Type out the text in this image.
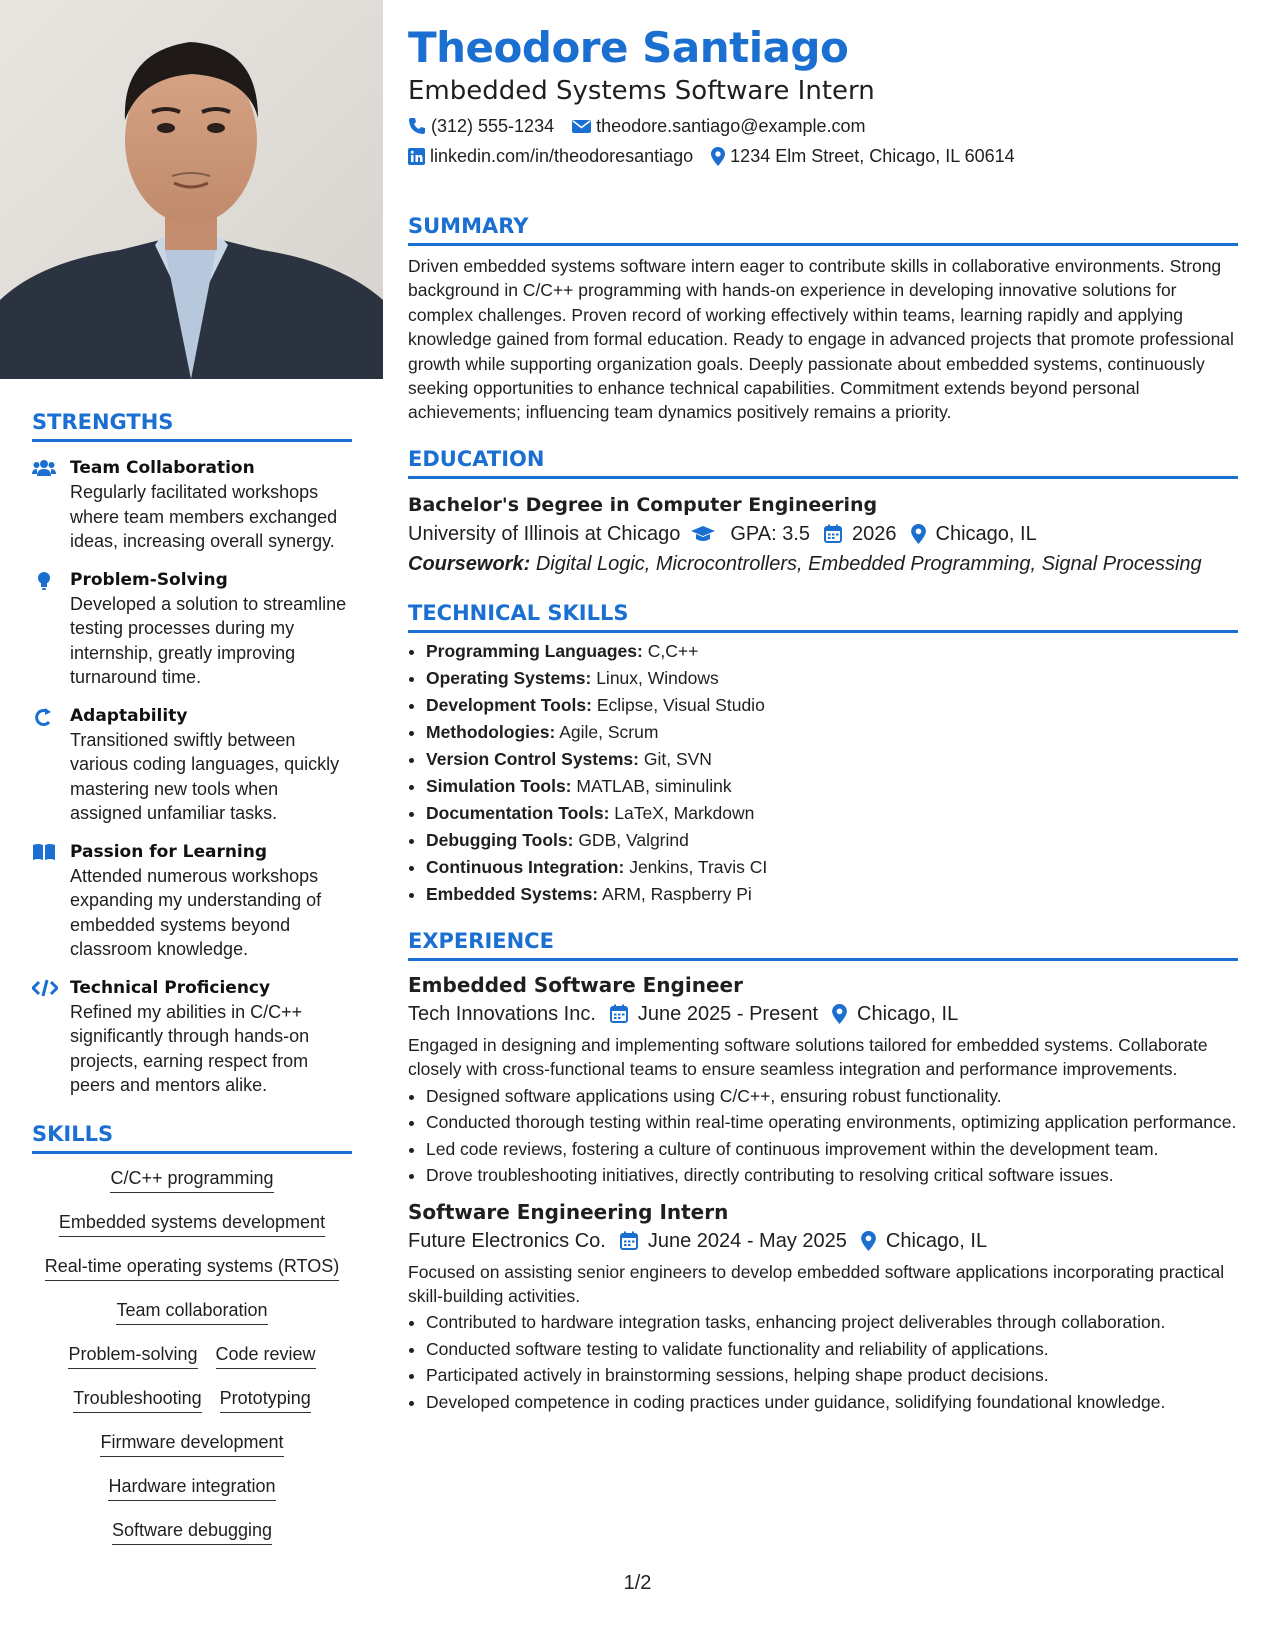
STRENGTHS
Team Collaboration
Regularly facilitated workshops where team members exchanged ideas, increasing overall synergy.
Problem-Solving
Developed a solution to streamline testing processes during my internship, greatly improving turnaround time.
Adaptability
Transitioned swiftly between various coding languages, quickly mastering new tools when assigned unfamiliar tasks.
Passion for Learning
Attended numerous workshops expanding my understanding of embedded systems beyond classroom knowledge.
Technical Proficiency
Refined my abilities in C/C++ significantly through hands-on projects, earning respect from peers and mentors alike.
SKILLS
C/C++ programming
Embedded systems development
Real-time operating systems (RTOS)
Team collaboration
Problem-solving Code review
Troubleshooting Prototyping
Firmware development
Hardware integration
Software debugging
Theodore Santiago
Embedded Systems Software Intern
(312) 555-1234 theodore.santiago@example.com
linkedin.com/in/theodoresantiago 1234 Elm Street, Chicago, IL 60614
SUMMARY
Driven embedded systems software intern eager to contribute skills in collaborative environments. Strong background in C/C++ programming with hands-on experience in developing innovative solutions for complex challenges. Proven record of working effectively within teams, learning rapidly and applying knowledge gained from formal education. Ready to engage in advanced projects that promote professional growth while supporting organization goals. Deeply passionate about embedded systems, continuously seeking opportunities to enhance technical capabilities. Commitment extends beyond personal achievements; influencing team dynamics positively remains a priority.
EDUCATION
Bachelor's Degree in Computer Engineering
University of Illinois at Chicago	GPA: 3.5 2026 Chicago, IL
Coursework: Digital Logic, Microcontrollers, Embedded Programming, Signal Processing
TECHNICAL SKILLS
• Programming Languages: C,C++
• Operating Systems: Linux, Windows
• Development Tools: Eclipse, Visual Studio
• Methodologies: Agile, Scrum
• Version Control Systems: Git, SVN
• Simulation Tools: MATLAB, siminulink
• Documentation Tools: LaTeX, Markdown
• Debugging Tools: GDB, Valgrind
• Continuous Integration: Jenkins, Travis CI
• Embedded Systems: ARM, Raspberry Pi
EXPERIENCE
Embedded Software Engineer
Tech Innovations Inc. June 2025 - Present Chicago, IL
Engaged in designing and implementing software solutions tailored for embedded systems. Collaborate closely with cross-functional teams to ensure seamless integration and performance improvements.
• Designed software applications using C/C++, ensuring robust functionality.
• Conducted thorough testing within real-time operating environments, optimizing application performance.
• Led code reviews, fostering a culture of continuous improvement within the development team.
• Drove troubleshooting initiatives, directly contributing to resolving critical software issues.
Software Engineering Intern
Future Electronics Co. June 2024 - May 2025 Chicago, IL
Focused on assisting senior engineers to develop embedded software applications incorporating practical skill-building activities.
• Contributed to hardware integration tasks, enhancing project deliverables through collaboration.
• Conducted software testing to validate functionality and reliability of applications.
• Participated actively in brainstorming sessions, helping shape product decisions.
• Developed competence in coding practices under guidance, solidifying foundational knowledge.
1/2
